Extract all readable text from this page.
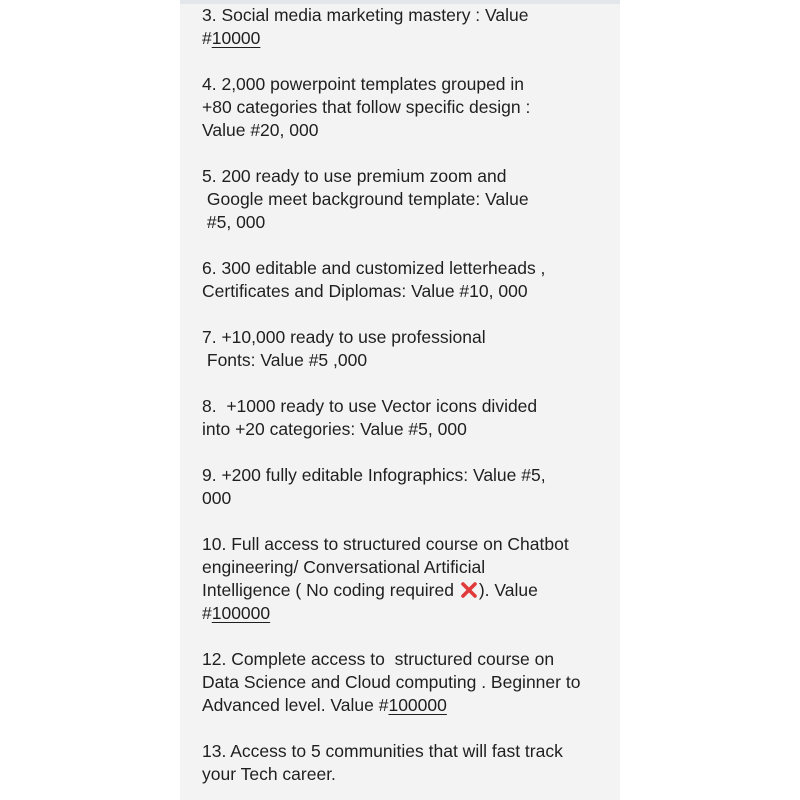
3. Social media marketing mastery : Value
#10000
4. 2,000 powerpoint templates grouped in
+80 categories that follow specific design :
Value #20, 000
5. 200 ready to use premium zoom and
Google meet background template: Value
#5, 000
6. 300 editable and customized letterheads ,
Certificates and Diplomas: Value #10, 000
7. +10,000 ready to use professional
Fonts: Value #5 ,000
8.  +1000 ready to use Vector icons divided
into +20 categories: Value #5, 000
9. +200 fully editable Infographics: Value #5,
000
10. Full access to structured course on Chatbot
engineering/ Conversational Artificial
Intelligence ( No coding required
). Value
#100000
12. Complete access to  structured course on
Data Science and Cloud computing . Beginner to
Advanced level. Value #100000
13. Access to 5 communities that will fast track
your Tech career.
